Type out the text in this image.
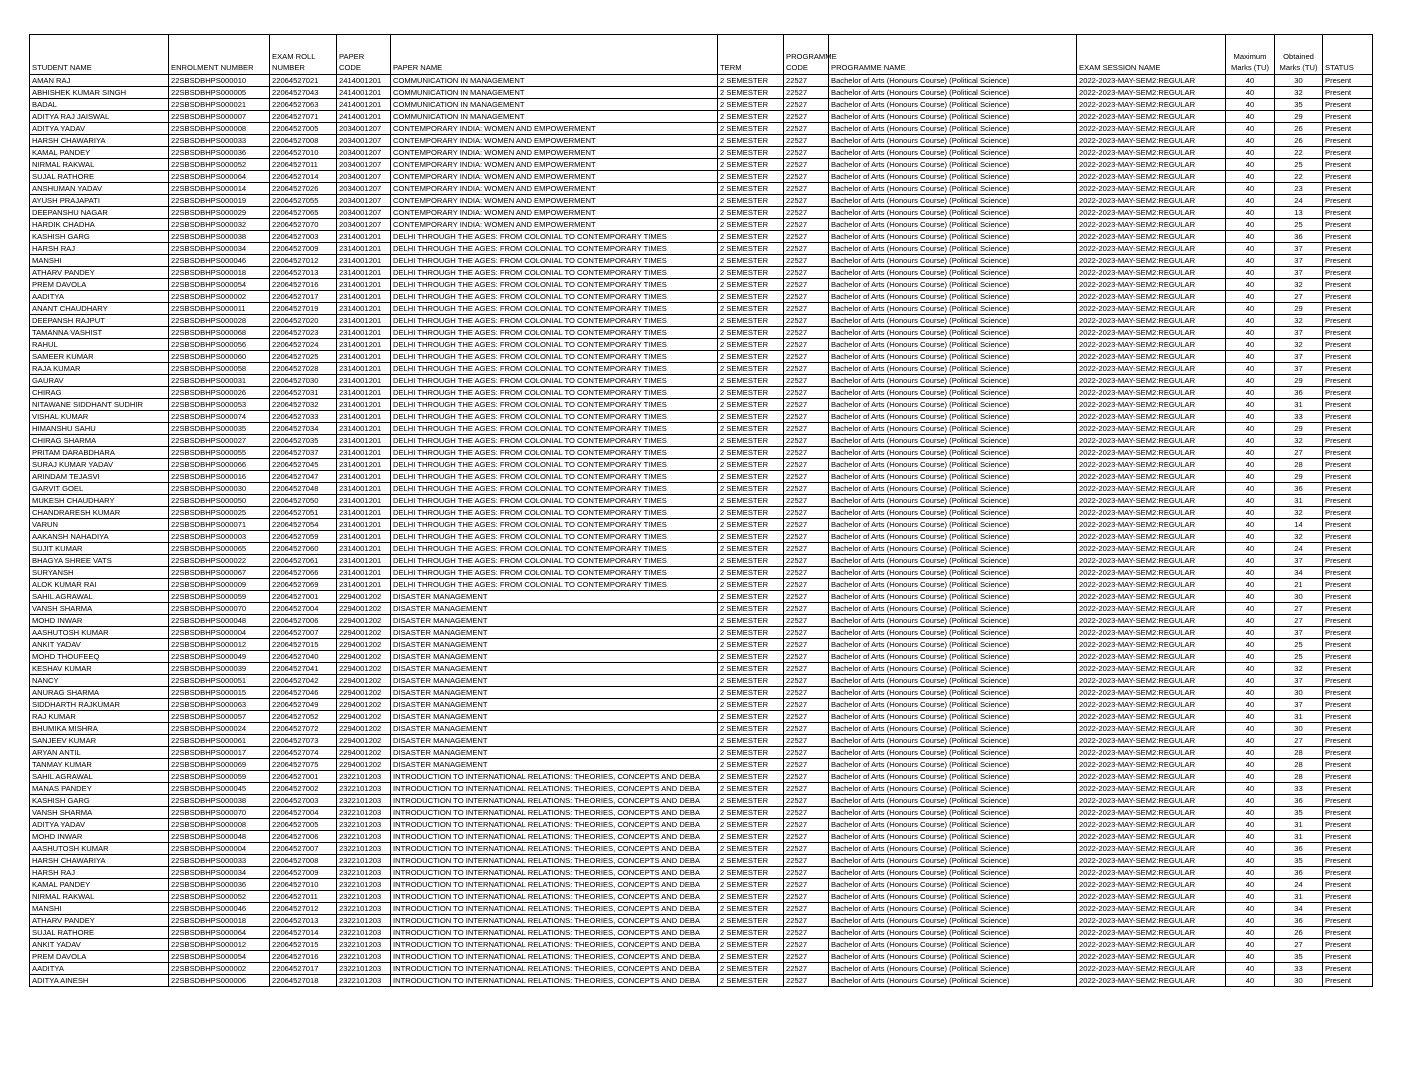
STUDENT NAME	ENROLMENT NUMBER	EXAM ROLL NUMBER	PAPER CODE	PAPER NAME	TERM	PROGRAMME CODE	PROGRAMME NAME	EXAM SESSION NAME	Maximum Marks (TU)	Obtained Marks (TU)	STATUS
AMAN RAJ	22SBSDBHPS000010	22064527021	2414001201	COMMUNICATION IN MANAGEMENT	2 SEMESTER	22527	Bachelor of Arts (Honours Course) (Political Science)	2022-2023-MAY-SEM2:REGULAR	40	30	Present
ABHISHEK KUMAR SINGH	22SBSDBHPS000005	22064527043	2414001201	COMMUNICATION IN MANAGEMENT	2 SEMESTER	22527	Bachelor of Arts (Honours Course) (Political Science)	2022-2023-MAY-SEM2:REGULAR	40	32	Present
BADAL	22SBSDBHPS000021	22064527063	2414001201	COMMUNICATION IN MANAGEMENT	2 SEMESTER	22527	Bachelor of Arts (Honours Course) (Political Science)	2022-2023-MAY-SEM2:REGULAR	40	35	Present
ADITYA RAJ JAISWAL	22SBSDBHPS000007	22064527071	2414001201	COMMUNICATION IN MANAGEMENT	2 SEMESTER	22527	Bachelor of Arts (Honours Course) (Political Science)	2022-2023-MAY-SEM2:REGULAR	40	29	Present
ADITYA YADAV	22SBSDBHPS000008	22064527005	2034001207	CONTEMPORARY INDIA: WOMEN AND EMPOWERMENT	2 SEMESTER	22527	Bachelor of Arts (Honours Course) (Political Science)	2022-2023-MAY-SEM2:REGULAR	40	26	Present
HARSH CHAWARIYA	22SBSDBHPS000033	22064527008	2034001207	CONTEMPORARY INDIA: WOMEN AND EMPOWERMENT	2 SEMESTER	22527	Bachelor of Arts (Honours Course) (Political Science)	2022-2023-MAY-SEM2:REGULAR	40	26	Present
KAMAL PANDEY	22SBSDBHPS000036	22064527010	2034001207	CONTEMPORARY INDIA: WOMEN AND EMPOWERMENT	2 SEMESTER	22527	Bachelor of Arts (Honours Course) (Political Science)	2022-2023-MAY-SEM2:REGULAR	40	22	Present
NIRMAL RAKWAL	22SBSDBHPS000052	22064527011	2034001207	CONTEMPORARY INDIA: WOMEN AND EMPOWERMENT	2 SEMESTER	22527	Bachelor of Arts (Honours Course) (Political Science)	2022-2023-MAY-SEM2:REGULAR	40	25	Present
SUJAL RATHORE	22SBSDBHPS000064	22064527014	2034001207	CONTEMPORARY INDIA: WOMEN AND EMPOWERMENT	2 SEMESTER	22527	Bachelor of Arts (Honours Course) (Political Science)	2022-2023-MAY-SEM2:REGULAR	40	22	Present
ANSHUMAN YADAV	22SBSDBHPS000014	22064527026	2034001207	CONTEMPORARY INDIA: WOMEN AND EMPOWERMENT	2 SEMESTER	22527	Bachelor of Arts (Honours Course) (Political Science)	2022-2023-MAY-SEM2:REGULAR	40	23	Present
AYUSH PRAJAPATI	22SBSDBHPS000019	22064527055	2034001207	CONTEMPORARY INDIA: WOMEN AND EMPOWERMENT	2 SEMESTER	22527	Bachelor of Arts (Honours Course) (Political Science)	2022-2023-MAY-SEM2:REGULAR	40	24	Present
DEEPANSHU NAGAR	22SBSDBHPS000029	22064527065	2034001207	CONTEMPORARY INDIA: WOMEN AND EMPOWERMENT	2 SEMESTER	22527	Bachelor of Arts (Honours Course) (Political Science)	2022-2023-MAY-SEM2:REGULAR	40	13	Present
HARDIK CHADHA	22SBSDBHPS000032	22064527070	2034001207	CONTEMPORARY INDIA: WOMEN AND EMPOWERMENT	2 SEMESTER	22527	Bachelor of Arts (Honours Course) (Political Science)	2022-2023-MAY-SEM2:REGULAR	40	25	Present
KASHISH GARG	22SBSDBHPS000038	22064527003	2314001201	DELHI THROUGH THE AGES: FROM COLONIAL TO CONTEMPORARY TIMES	2 SEMESTER	22527	Bachelor of Arts (Honours Course) (Political Science)	2022-2023-MAY-SEM2:REGULAR	40	36	Present
HARSH RAJ	22SBSDBHPS000034	22064527009	2314001201	DELHI THROUGH THE AGES: FROM COLONIAL TO CONTEMPORARY TIMES	2 SEMESTER	22527	Bachelor of Arts (Honours Course) (Political Science)	2022-2023-MAY-SEM2:REGULAR	40	37	Present
MANSHI	22SBSDBHPS000046	22064527012	2314001201	DELHI THROUGH THE AGES: FROM COLONIAL TO CONTEMPORARY TIMES	2 SEMESTER	22527	Bachelor of Arts (Honours Course) (Political Science)	2022-2023-MAY-SEM2:REGULAR	40	37	Present
ATHARV PANDEY	22SBSDBHPS000018	22064527013	2314001201	DELHI THROUGH THE AGES: FROM COLONIAL TO CONTEMPORARY TIMES	2 SEMESTER	22527	Bachelor of Arts (Honours Course) (Political Science)	2022-2023-MAY-SEM2:REGULAR	40	37	Present
PREM DAVOLA	22SBSDBHPS000054	22064527016	2314001201	DELHI THROUGH THE AGES: FROM COLONIAL TO CONTEMPORARY TIMES	2 SEMESTER	22527	Bachelor of Arts (Honours Course) (Political Science)	2022-2023-MAY-SEM2:REGULAR	40	32	Present
AADITYA	22SBSDBHPS000002	22064527017	2314001201	DELHI THROUGH THE AGES: FROM COLONIAL TO CONTEMPORARY TIMES	2 SEMESTER	22527	Bachelor of Arts (Honours Course) (Political Science)	2022-2023-MAY-SEM2:REGULAR	40	27	Present
ANANT CHAUDHARY	22SBSDBHPS000011	22064527019	2314001201	DELHI THROUGH THE AGES: FROM COLONIAL TO CONTEMPORARY TIMES	2 SEMESTER	22527	Bachelor of Arts (Honours Course) (Political Science)	2022-2023-MAY-SEM2:REGULAR	40	29	Present
DEEPANSH RAJPUT	22SBSDBHPS000028	22064527020	2314001201	DELHI THROUGH THE AGES: FROM COLONIAL TO CONTEMPORARY TIMES	2 SEMESTER	22527	Bachelor of Arts (Honours Course) (Political Science)	2022-2023-MAY-SEM2:REGULAR	40	32	Present
TAMANNA VASHIST	22SBSDBHPS000068	22064527023	2314001201	DELHI THROUGH THE AGES: FROM COLONIAL TO CONTEMPORARY TIMES	2 SEMESTER	22527	Bachelor of Arts (Honours Course) (Political Science)	2022-2023-MAY-SEM2:REGULAR	40	37	Present
RAHUL	22SBSDBHPS000056	22064527024	2314001201	DELHI THROUGH THE AGES: FROM COLONIAL TO CONTEMPORARY TIMES	2 SEMESTER	22527	Bachelor of Arts (Honours Course) (Political Science)	2022-2023-MAY-SEM2:REGULAR	40	32	Present
SAMEER KUMAR	22SBSDBHPS000060	22064527025	2314001201	DELHI THROUGH THE AGES: FROM COLONIAL TO CONTEMPORARY TIMES	2 SEMESTER	22527	Bachelor of Arts (Honours Course) (Political Science)	2022-2023-MAY-SEM2:REGULAR	40	37	Present
RAJA KUMAR	22SBSDBHPS000058	22064527028	2314001201	DELHI THROUGH THE AGES: FROM COLONIAL TO CONTEMPORARY TIMES	2 SEMESTER	22527	Bachelor of Arts (Honours Course) (Political Science)	2022-2023-MAY-SEM2:REGULAR	40	37	Present
GAURAV	22SBSDBHPS000031	22064527030	2314001201	DELHI THROUGH THE AGES: FROM COLONIAL TO CONTEMPORARY TIMES	2 SEMESTER	22527	Bachelor of Arts (Honours Course) (Political Science)	2022-2023-MAY-SEM2:REGULAR	40	29	Present
CHIRAG	22SBSDBHPS000026	22064527031	2314001201	DELHI THROUGH THE AGES: FROM COLONIAL TO CONTEMPORARY TIMES	2 SEMESTER	22527	Bachelor of Arts (Honours Course) (Political Science)	2022-2023-MAY-SEM2:REGULAR	40	36	Present
NITAWANE SIDDHANT SUDHIR	22SBSDBHPS000053	22064527032	2314001201	DELHI THROUGH THE AGES: FROM COLONIAL TO CONTEMPORARY TIMES	2 SEMESTER	22527	Bachelor of Arts (Honours Course) (Political Science)	2022-2023-MAY-SEM2:REGULAR	40	31	Present
VISHAL KUMAR	22SBSDBHPS000074	22064527033	2314001201	DELHI THROUGH THE AGES: FROM COLONIAL TO CONTEMPORARY TIMES	2 SEMESTER	22527	Bachelor of Arts (Honours Course) (Political Science)	2022-2023-MAY-SEM2:REGULAR	40	33	Present
HIMANSHU SAHU	22SBSDBHPS000035	22064527034	2314001201	DELHI THROUGH THE AGES: FROM COLONIAL TO CONTEMPORARY TIMES	2 SEMESTER	22527	Bachelor of Arts (Honours Course) (Political Science)	2022-2023-MAY-SEM2:REGULAR	40	29	Present
CHIRAG SHARMA	22SBSDBHPS000027	22064527035	2314001201	DELHI THROUGH THE AGES: FROM COLONIAL TO CONTEMPORARY TIMES	2 SEMESTER	22527	Bachelor of Arts (Honours Course) (Political Science)	2022-2023-MAY-SEM2:REGULAR	40	32	Present
PRITAM DARABDHARA	22SBSDBHPS000055	22064527037	2314001201	DELHI THROUGH THE AGES: FROM COLONIAL TO CONTEMPORARY TIMES	2 SEMESTER	22527	Bachelor of Arts (Honours Course) (Political Science)	2022-2023-MAY-SEM2:REGULAR	40	27	Present
SURAJ KUMAR YADAV	22SBSDBHPS000066	22064527045	2314001201	DELHI THROUGH THE AGES: FROM COLONIAL TO CONTEMPORARY TIMES	2 SEMESTER	22527	Bachelor of Arts (Honours Course) (Political Science)	2022-2023-MAY-SEM2:REGULAR	40	28	Present
ARINDAM TEJASVI	22SBSDBHPS000016	22064527047	2314001201	DELHI THROUGH THE AGES: FROM COLONIAL TO CONTEMPORARY TIMES	2 SEMESTER	22527	Bachelor of Arts (Honours Course) (Political Science)	2022-2023-MAY-SEM2:REGULAR	40	29	Present
GARVIT GOEL	22SBSDBHPS000030	22064527048	2314001201	DELHI THROUGH THE AGES: FROM COLONIAL TO CONTEMPORARY TIMES	2 SEMESTER	22527	Bachelor of Arts (Honours Course) (Political Science)	2022-2023-MAY-SEM2:REGULAR	40	36	Present
MUKESH CHAUDHARY	22SBSDBHPS000050	22064527050	2314001201	DELHI THROUGH THE AGES: FROM COLONIAL TO CONTEMPORARY TIMES	2 SEMESTER	22527	Bachelor of Arts (Honours Course) (Political Science)	2022-2023-MAY-SEM2:REGULAR	40	31	Present
CHANDRARESH KUMAR	22SBSDBHPS000025	22064527051	2314001201	DELHI THROUGH THE AGES: FROM COLONIAL TO CONTEMPORARY TIMES	2 SEMESTER	22527	Bachelor of Arts (Honours Course) (Political Science)	2022-2023-MAY-SEM2:REGULAR	40	32	Present
VARUN	22SBSDBHPS000071	22064527054	2314001201	DELHI THROUGH THE AGES: FROM COLONIAL TO CONTEMPORARY TIMES	2 SEMESTER	22527	Bachelor of Arts (Honours Course) (Political Science)	2022-2023-MAY-SEM2:REGULAR	40	14	Present
AAKANSH NAHADIYA	22SBSDBHPS000003	22064527059	2314001201	DELHI THROUGH THE AGES: FROM COLONIAL TO CONTEMPORARY TIMES	2 SEMESTER	22527	Bachelor of Arts (Honours Course) (Political Science)	2022-2023-MAY-SEM2:REGULAR	40	32	Present
SUJIT KUMAR	22SBSDBHPS000065	22064527060	2314001201	DELHI THROUGH THE AGES: FROM COLONIAL TO CONTEMPORARY TIMES	2 SEMESTER	22527	Bachelor of Arts (Honours Course) (Political Science)	2022-2023-MAY-SEM2:REGULAR	40	24	Present
BHAGYA SHREE VATS	22SBSDBHPS000022	22064527061	2314001201	DELHI THROUGH THE AGES: FROM COLONIAL TO CONTEMPORARY TIMES	2 SEMESTER	22527	Bachelor of Arts (Honours Course) (Political Science)	2022-2023-MAY-SEM2:REGULAR	40	37	Present
SURYANSH	22SBSDBHPS000067	22064527066	2314001201	DELHI THROUGH THE AGES: FROM COLONIAL TO CONTEMPORARY TIMES	2 SEMESTER	22527	Bachelor of Arts (Honours Course) (Political Science)	2022-2023-MAY-SEM2:REGULAR	40	34	Present
ALOK KUMAR RAI	22SBSDBHPS000009	22064527069	2314001201	DELHI THROUGH THE AGES: FROM COLONIAL TO CONTEMPORARY TIMES	2 SEMESTER	22527	Bachelor of Arts (Honours Course) (Political Science)	2022-2023-MAY-SEM2:REGULAR	40	21	Present
SAHIL AGRAWAL	22SBSDBHPS000059	22064527001	2294001202	DISASTER MANAGEMENT	2 SEMESTER	22527	Bachelor of Arts (Honours Course) (Political Science)	2022-2023-MAY-SEM2:REGULAR	40	30	Present
VANSH SHARMA	22SBSDBHPS000070	22064527004	2294001202	DISASTER MANAGEMENT	2 SEMESTER	22527	Bachelor of Arts (Honours Course) (Political Science)	2022-2023-MAY-SEM2:REGULAR	40	27	Present
MOHD INWAR	22SBSDBHPS000048	22064527006	2294001202	DISASTER MANAGEMENT	2 SEMESTER	22527	Bachelor of Arts (Honours Course) (Political Science)	2022-2023-MAY-SEM2:REGULAR	40	27	Present
AASHUTOSH KUMAR	22SBSDBHPS000004	22064527007	2294001202	DISASTER MANAGEMENT	2 SEMESTER	22527	Bachelor of Arts (Honours Course) (Political Science)	2022-2023-MAY-SEM2:REGULAR	40	37	Present
ANKIT YADAV	22SBSDBHPS000012	22064527015	2294001202	DISASTER MANAGEMENT	2 SEMESTER	22527	Bachelor of Arts (Honours Course) (Political Science)	2022-2023-MAY-SEM2:REGULAR	40	25	Present
MOHD THOUFEEQ	22SBSDBHPS000049	22064527040	2294001202	DISASTER MANAGEMENT	2 SEMESTER	22527	Bachelor of Arts (Honours Course) (Political Science)	2022-2023-MAY-SEM2:REGULAR	40	25	Present
KESHAV KUMAR	22SBSDBHPS000039	22064527041	2294001202	DISASTER MANAGEMENT	2 SEMESTER	22527	Bachelor of Arts (Honours Course) (Political Science)	2022-2023-MAY-SEM2:REGULAR	40	32	Present
NANCY	22SBSDBHPS000051	22064527042	2294001202	DISASTER MANAGEMENT	2 SEMESTER	22527	Bachelor of Arts (Honours Course) (Political Science)	2022-2023-MAY-SEM2:REGULAR	40	37	Present
ANURAG SHARMA	22SBSDBHPS000015	22064527046	2294001202	DISASTER MANAGEMENT	2 SEMESTER	22527	Bachelor of Arts (Honours Course) (Political Science)	2022-2023-MAY-SEM2:REGULAR	40	30	Present
SIDDHARTH RAJKUMAR	22SBSDBHPS000063	22064527049	2294001202	DISASTER MANAGEMENT	2 SEMESTER	22527	Bachelor of Arts (Honours Course) (Political Science)	2022-2023-MAY-SEM2:REGULAR	40	37	Present
RAJ KUMAR	22SBSDBHPS000057	22064527052	2294001202	DISASTER MANAGEMENT	2 SEMESTER	22527	Bachelor of Arts (Honours Course) (Political Science)	2022-2023-MAY-SEM2:REGULAR	40	31	Present
BHUMIKA MISHRA	22SBSDBHPS000024	22064527072	2294001202	DISASTER MANAGEMENT	2 SEMESTER	22527	Bachelor of Arts (Honours Course) (Political Science)	2022-2023-MAY-SEM2:REGULAR	40	30	Present
SANJEEV KUMAR	22SBSDBHPS000061	22064527073	2294001202	DISASTER MANAGEMENT	2 SEMESTER	22527	Bachelor of Arts (Honours Course) (Political Science)	2022-2023-MAY-SEM2:REGULAR	40	27	Present
ARYAN ANTIL	22SBSDBHPS000017	22064527074	2294001202	DISASTER MANAGEMENT	2 SEMESTER	22527	Bachelor of Arts (Honours Course) (Political Science)	2022-2023-MAY-SEM2:REGULAR	40	28	Present
TANMAY KUMAR	22SBSDBHPS000069	22064527075	2294001202	DISASTER MANAGEMENT	2 SEMESTER	22527	Bachelor of Arts (Honours Course) (Political Science)	2022-2023-MAY-SEM2:REGULAR	40	28	Present
SAHIL AGRAWAL	22SBSDBHPS000059	22064527001	2322101203	INTRODUCTION TO INTERNATIONAL RELATIONS: THEORIES, CONCEPTS AND DEBA	2 SEMESTER	22527	Bachelor of Arts (Honours Course) (Political Science)	2022-2023-MAY-SEM2:REGULAR	40	28	Present
MANAS PANDEY	22SBSDBHPS000045	22064527002	2322101203	INTRODUCTION TO INTERNATIONAL RELATIONS: THEORIES, CONCEPTS AND DEBA	2 SEMESTER	22527	Bachelor of Arts (Honours Course) (Political Science)	2022-2023-MAY-SEM2:REGULAR	40	33	Present
KASHISH GARG	22SBSDBHPS000038	22064527003	2322101203	INTRODUCTION TO INTERNATIONAL RELATIONS: THEORIES, CONCEPTS AND DEBA	2 SEMESTER	22527	Bachelor of Arts (Honours Course) (Political Science)	2022-2023-MAY-SEM2:REGULAR	40	36	Present
VANSH SHARMA	22SBSDBHPS000070	22064527004	2322101203	INTRODUCTION TO INTERNATIONAL RELATIONS: THEORIES, CONCEPTS AND DEBA	2 SEMESTER	22527	Bachelor of Arts (Honours Course) (Political Science)	2022-2023-MAY-SEM2:REGULAR	40	35	Present
ADITYA YADAV	22SBSDBHPS000008	22064527005	2322101203	INTRODUCTION TO INTERNATIONAL RELATIONS: THEORIES, CONCEPTS AND DEBA	2 SEMESTER	22527	Bachelor of Arts (Honours Course) (Political Science)	2022-2023-MAY-SEM2:REGULAR	40	31	Present
MOHD INWAR	22SBSDBHPS000048	22064527006	2322101203	INTRODUCTION TO INTERNATIONAL RELATIONS: THEORIES, CONCEPTS AND DEBA	2 SEMESTER	22527	Bachelor of Arts (Honours Course) (Political Science)	2022-2023-MAY-SEM2:REGULAR	40	31	Present
AASHUTOSH KUMAR	22SBSDBHPS000004	22064527007	2322101203	INTRODUCTION TO INTERNATIONAL RELATIONS: THEORIES, CONCEPTS AND DEBA	2 SEMESTER	22527	Bachelor of Arts (Honours Course) (Political Science)	2022-2023-MAY-SEM2:REGULAR	40	36	Present
HARSH CHAWARIYA	22SBSDBHPS000033	22064527008	2322101203	INTRODUCTION TO INTERNATIONAL RELATIONS: THEORIES, CONCEPTS AND DEBA	2 SEMESTER	22527	Bachelor of Arts (Honours Course) (Political Science)	2022-2023-MAY-SEM2:REGULAR	40	35	Present
HARSH RAJ	22SBSDBHPS000034	22064527009	2322101203	INTRODUCTION TO INTERNATIONAL RELATIONS: THEORIES, CONCEPTS AND DEBA	2 SEMESTER	22527	Bachelor of Arts (Honours Course) (Political Science)	2022-2023-MAY-SEM2:REGULAR	40	36	Present
KAMAL PANDEY	22SBSDBHPS000036	22064527010	2322101203	INTRODUCTION TO INTERNATIONAL RELATIONS: THEORIES, CONCEPTS AND DEBA	2 SEMESTER	22527	Bachelor of Arts (Honours Course) (Political Science)	2022-2023-MAY-SEM2:REGULAR	40	24	Present
NIRMAL RAKWAL	22SBSDBHPS000052	22064527011	2322101203	INTRODUCTION TO INTERNATIONAL RELATIONS: THEORIES, CONCEPTS AND DEBA	2 SEMESTER	22527	Bachelor of Arts (Honours Course) (Political Science)	2022-2023-MAY-SEM2:REGULAR	40	31	Present
MANSHI	22SBSDBHPS000046	22064527012	2322101203	INTRODUCTION TO INTERNATIONAL RELATIONS: THEORIES, CONCEPTS AND DEBA	2 SEMESTER	22527	Bachelor of Arts (Honours Course) (Political Science)	2022-2023-MAY-SEM2:REGULAR	40	34	Present
ATHARV PANDEY	22SBSDBHPS000018	22064527013	2322101203	INTRODUCTION TO INTERNATIONAL RELATIONS: THEORIES, CONCEPTS AND DEBA	2 SEMESTER	22527	Bachelor of Arts (Honours Course) (Political Science)	2022-2023-MAY-SEM2:REGULAR	40	36	Present
SUJAL RATHORE	22SBSDBHPS000064	22064527014	2322101203	INTRODUCTION TO INTERNATIONAL RELATIONS: THEORIES, CONCEPTS AND DEBA	2 SEMESTER	22527	Bachelor of Arts (Honours Course) (Political Science)	2022-2023-MAY-SEM2:REGULAR	40	26	Present
ANKIT YADAV	22SBSDBHPS000012	22064527015	2322101203	INTRODUCTION TO INTERNATIONAL RELATIONS: THEORIES, CONCEPTS AND DEBA	2 SEMESTER	22527	Bachelor of Arts (Honours Course) (Political Science)	2022-2023-MAY-SEM2:REGULAR	40	27	Present
PREM DAVOLA	22SBSDBHPS000054	22064527016	2322101203	INTRODUCTION TO INTERNATIONAL RELATIONS: THEORIES, CONCEPTS AND DEBA	2 SEMESTER	22527	Bachelor of Arts (Honours Course) (Political Science)	2022-2023-MAY-SEM2:REGULAR	40	35	Present
AADITYA	22SBSDBHPS000002	22064527017	2322101203	INTRODUCTION TO INTERNATIONAL RELATIONS: THEORIES, CONCEPTS AND DEBA	2 SEMESTER	22527	Bachelor of Arts (Honours Course) (Political Science)	2022-2023-MAY-SEM2:REGULAR	40	33	Present
ADITYA AINESH	22SBSDBHPS000006	22064527018	2322101203	INTRODUCTION TO INTERNATIONAL RELATIONS: THEORIES, CONCEPTS AND DEBA	2 SEMESTER	22527	Bachelor of Arts (Honours Course) (Political Science)	2022-2023-MAY-SEM2:REGULAR	40	30	Present
